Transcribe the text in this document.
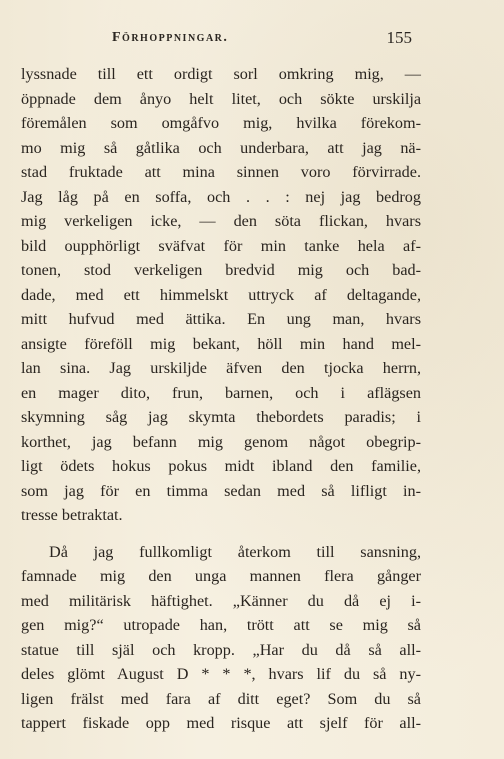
Förhoppningar.	155
lyssnade till ett ordigt sorl omkring mig, —
öppnade dem ånyo helt litet, och sökte urskilja
föremålen som omgåfvo mig, hvilka förekom-
mo mig så gåtlika och underbara, att jag nä-
stad fruktade att mina sinnen voro förvirrade.
Jag låg på en soffa, och . . : nej jag bedrog
mig verkeligen icke, — den söta flickan, hvars
bild oupphörligt sväfvat för min tanke hela af-
tonen, stod verkeligen bredvid mig och bad-
dade, med ett himmelskt uttryck af deltagande,
mitt hufvud med ättika. En ung man, hvars
ansigte föreföll mig bekant, höll min hand mel-
lan sina. Jag urskiljde äfven den tjocka herrn,
en mager dito, frun, barnen, och i aflägsen
skymning såg jag skymta thebordets paradis; i
korthet, jag befann mig genom något obegrip-
ligt ödets hokus pokus midt ibland den familie,
som jag för en timma sedan med så lifligt in-
tresse betraktat.
Då jag fullkomligt återkom till sansning,
famnade mig den unga mannen flera gånger
med militärisk häftighet. „Känner du då ej i-
gen mig?“ utropade han, trött att se mig så
statue till själ och kropp. „Har du då så all-
deles glömt August D * * *, hvars lif du så ny-
ligen frälst med fara af ditt eget? Som du så
tappert fiskade opp med risque att sjelf för all-
